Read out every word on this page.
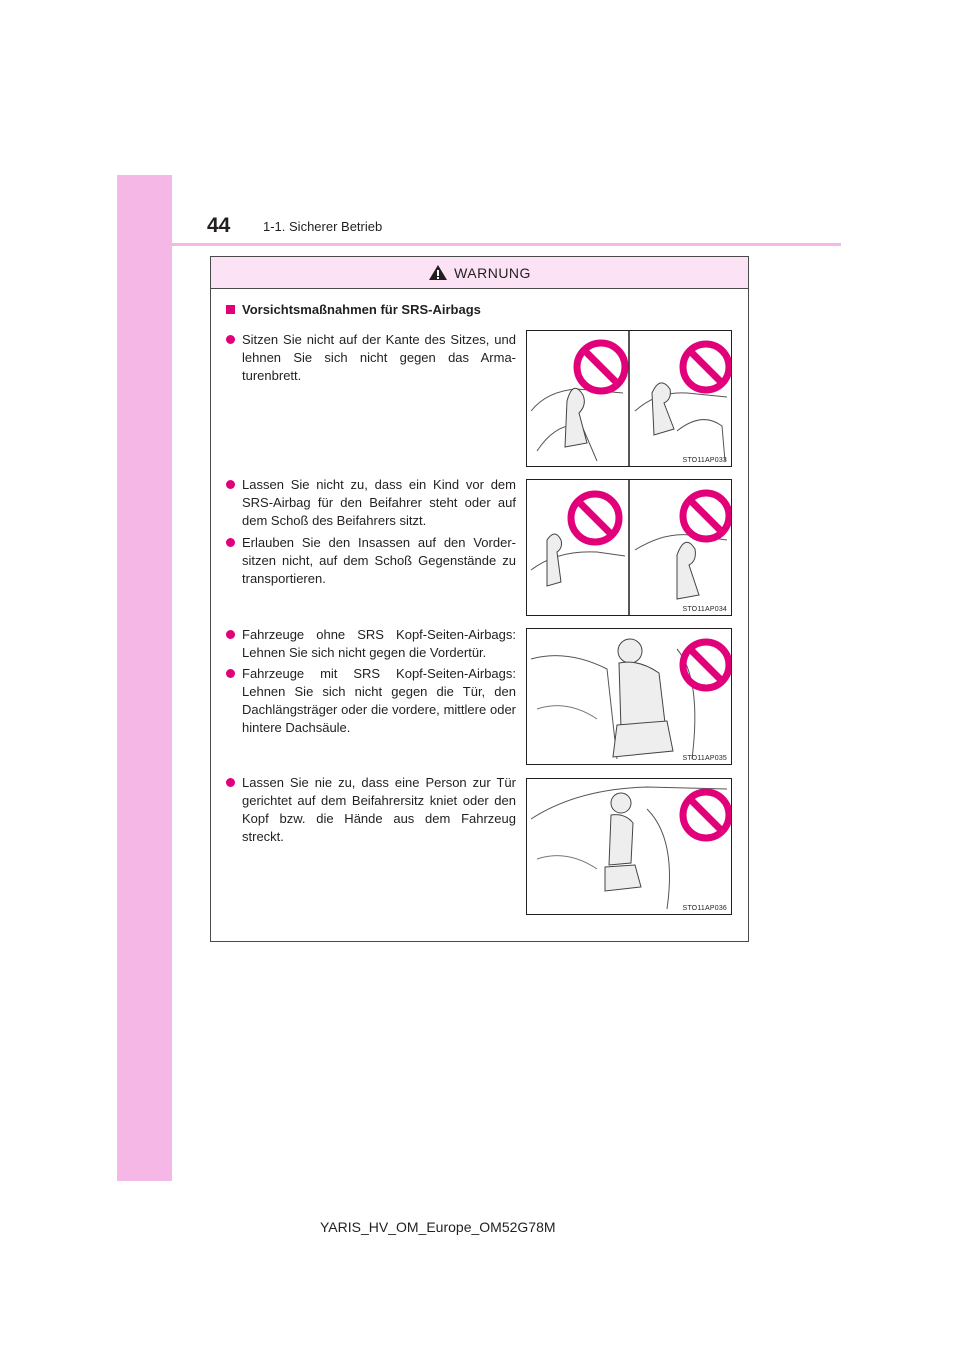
44	1-1. Sicherer Betrieb
WARNUNG
Vorsichtsmaßnahmen für SRS-Airbags
Sitzen Sie nicht auf der Kante des Sitzes, und lehnen Sie sich nicht gegen das Arma-turenbrett.
Lassen Sie nicht zu, dass ein Kind vor dem SRS-Airbag für den Beifahrer steht oder auf dem Schoß des Beifahrers sitzt.
Erlauben Sie den Insassen auf den Vorder-sitzen nicht, auf dem Schoß Gegenstände zu transportieren.
Fahrzeuge ohne SRS Kopf-Seiten-Airbags: Lehnen Sie sich nicht gegen die Vordertür.
Fahrzeuge mit SRS Kopf-Seiten-Airbags: Lehnen Sie sich nicht gegen die Tür, den Dachlängsträger oder die vordere, mittlere oder hintere Dachsäule.
Lassen Sie nie zu, dass eine Person zur Tür gerichtet auf dem Beifahrersitz kniet oder den Kopf bzw. die Hände aus dem Fahrzeug streckt.
STO11AP033
STO11AP034
STO11AP035
STO11AP036
YARIS_HV_OM_Europe_OM52G78M
